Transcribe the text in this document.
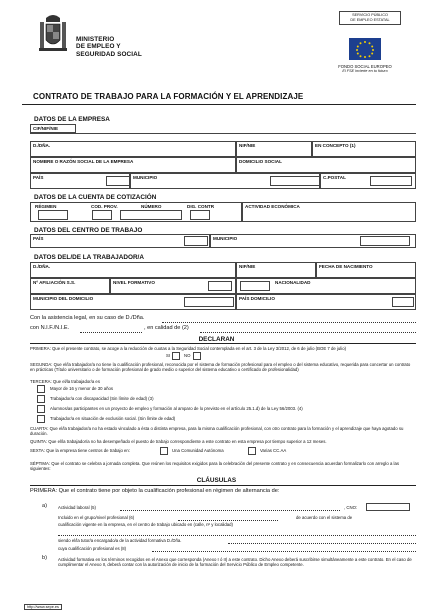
MINISTERIO
DE EMPLEO Y
SEGURIDAD SOCIAL
SERVICIO PÚBLICO
DE EMPLEO ESTATAL
FONDO SOCIAL EUROPEO
El FSE invierte en tu futuro
CONTRATO DE TRABAJO PARA LA FORMACIÓN Y EL APRENDIZAJE
DATOS DE LA EMPRESA
CIF/NIF/NIE
D./DÑA.	NIF/NIE	EN CONCEPTO (1)
NOMBRE O RAZÓN SOCIAL DE LA EMPRESA	DOMICILIO SOCIAL
PAÍS	MUNICIPIO	C.POSTAL
DATOS DE LA CUENTA DE COTIZACIÓN
RÉGIMEN	COD. PROV.	NÚMERO	DIG. CONTR	ACTIVIDAD ECONÓMICA
DATOS DEL CENTRO DE TRABAJO
PAÍS	MUNICIPIO
DATOS DEL/DE LA TRABAJADOR/A
D./DÑA.	NIF/NIE	FECHA DE NACIMIENTO
Nº AFILIACIÓN S.S.	NIVEL FORMATIVO	NACIONALIDAD
MUNICIPIO DEL DOMICILIO	PAÍS DOMICILIO
Con la asistencia legal, en su caso de D./Dña.
con N.I.F./N.I.E.	, en calidad de (2)
DECLARAN
PRIMERA: Que el presente contrato, se acoge a la reducción de cuotas a la Seguridad Social contemplada en el art. 3 de la Ley 3/2012, de 6 de julio (BOE 7 de julio)
SI	NO
SEGUNDA: Que el/la trabajador/a no tiene la cualificación profesional, reconocida por el sistema de formación profesional para el empleo o del sistema educativo, requerida para concertar un contrato en prácticas (Título universitario o de formación profesional de grado medio o superior del sistema educativo o certificado de profesionalidad)
TERCERA: Que el/la trabajador/a es
Mayor de 16 y menor de 30 años
Trabajador/a con discapacidad (Sin límite de edad) (3)
Alumnos/as participantes en un proyecto de empleo y formación al amparo de lo previsto en el artículo 25.1.d) de la Ley 56/2003. (4)
Trabajador/a en situación de exclusión social. (Sin límite de edad)
CUARTA: Que el/la trabajador/a no ha estado vinculado a ésta o distinta empresa, para la misma cualificación profesional, con otro contrato para la formación y el aprendizaje que haya agotado su duración.
QUINTA: Que el/la trabajador/a no ha desempeñado el puesto de trabajo correspondiente a este contrato en esta empresa por tiempo superior a 12 meses.
SEXTA: Que la empresa tiene centros de trabajo en:	Una Comunidad Autónoma	Varias CC.AA
SÉPTIMA: Que el contrato se celebra a jornada completa. Que reúnen los requisitos exigidos para la celebración del presente contrato y en consecuencia acuerdan formalizarlo con arreglo a las siguientes:
CLÁUSULAS
PRIMERA: Que el contrato tiene por objeto la cualificación profesional en régimen de alternancia de:
a)	Actividad laboral (5)	, CNO:
Incluido en el grupo/nivel profesional (6)	de acuerdo con el sistema de
cualificación vigente en la empresa, en el centro de trabajo ubicado en (calle, nº y localidad)
siendo el/la tutor/a encargado/a de la actividad formativa D./Dña.
cuya cualificación profesional es (8)
b)	Actividad formativa en los términos recogidos en el Anexo que corresponda (Anexo I ó II) a este contrato. Dicho Anexo deberá suscribirse simultáneamente a este contrato. En el caso de cumplimentar el Anexo II, deberá contar con la autorización de inicio de la formación del Servicio Público de Empleo competente.
http://www.sepe.es
